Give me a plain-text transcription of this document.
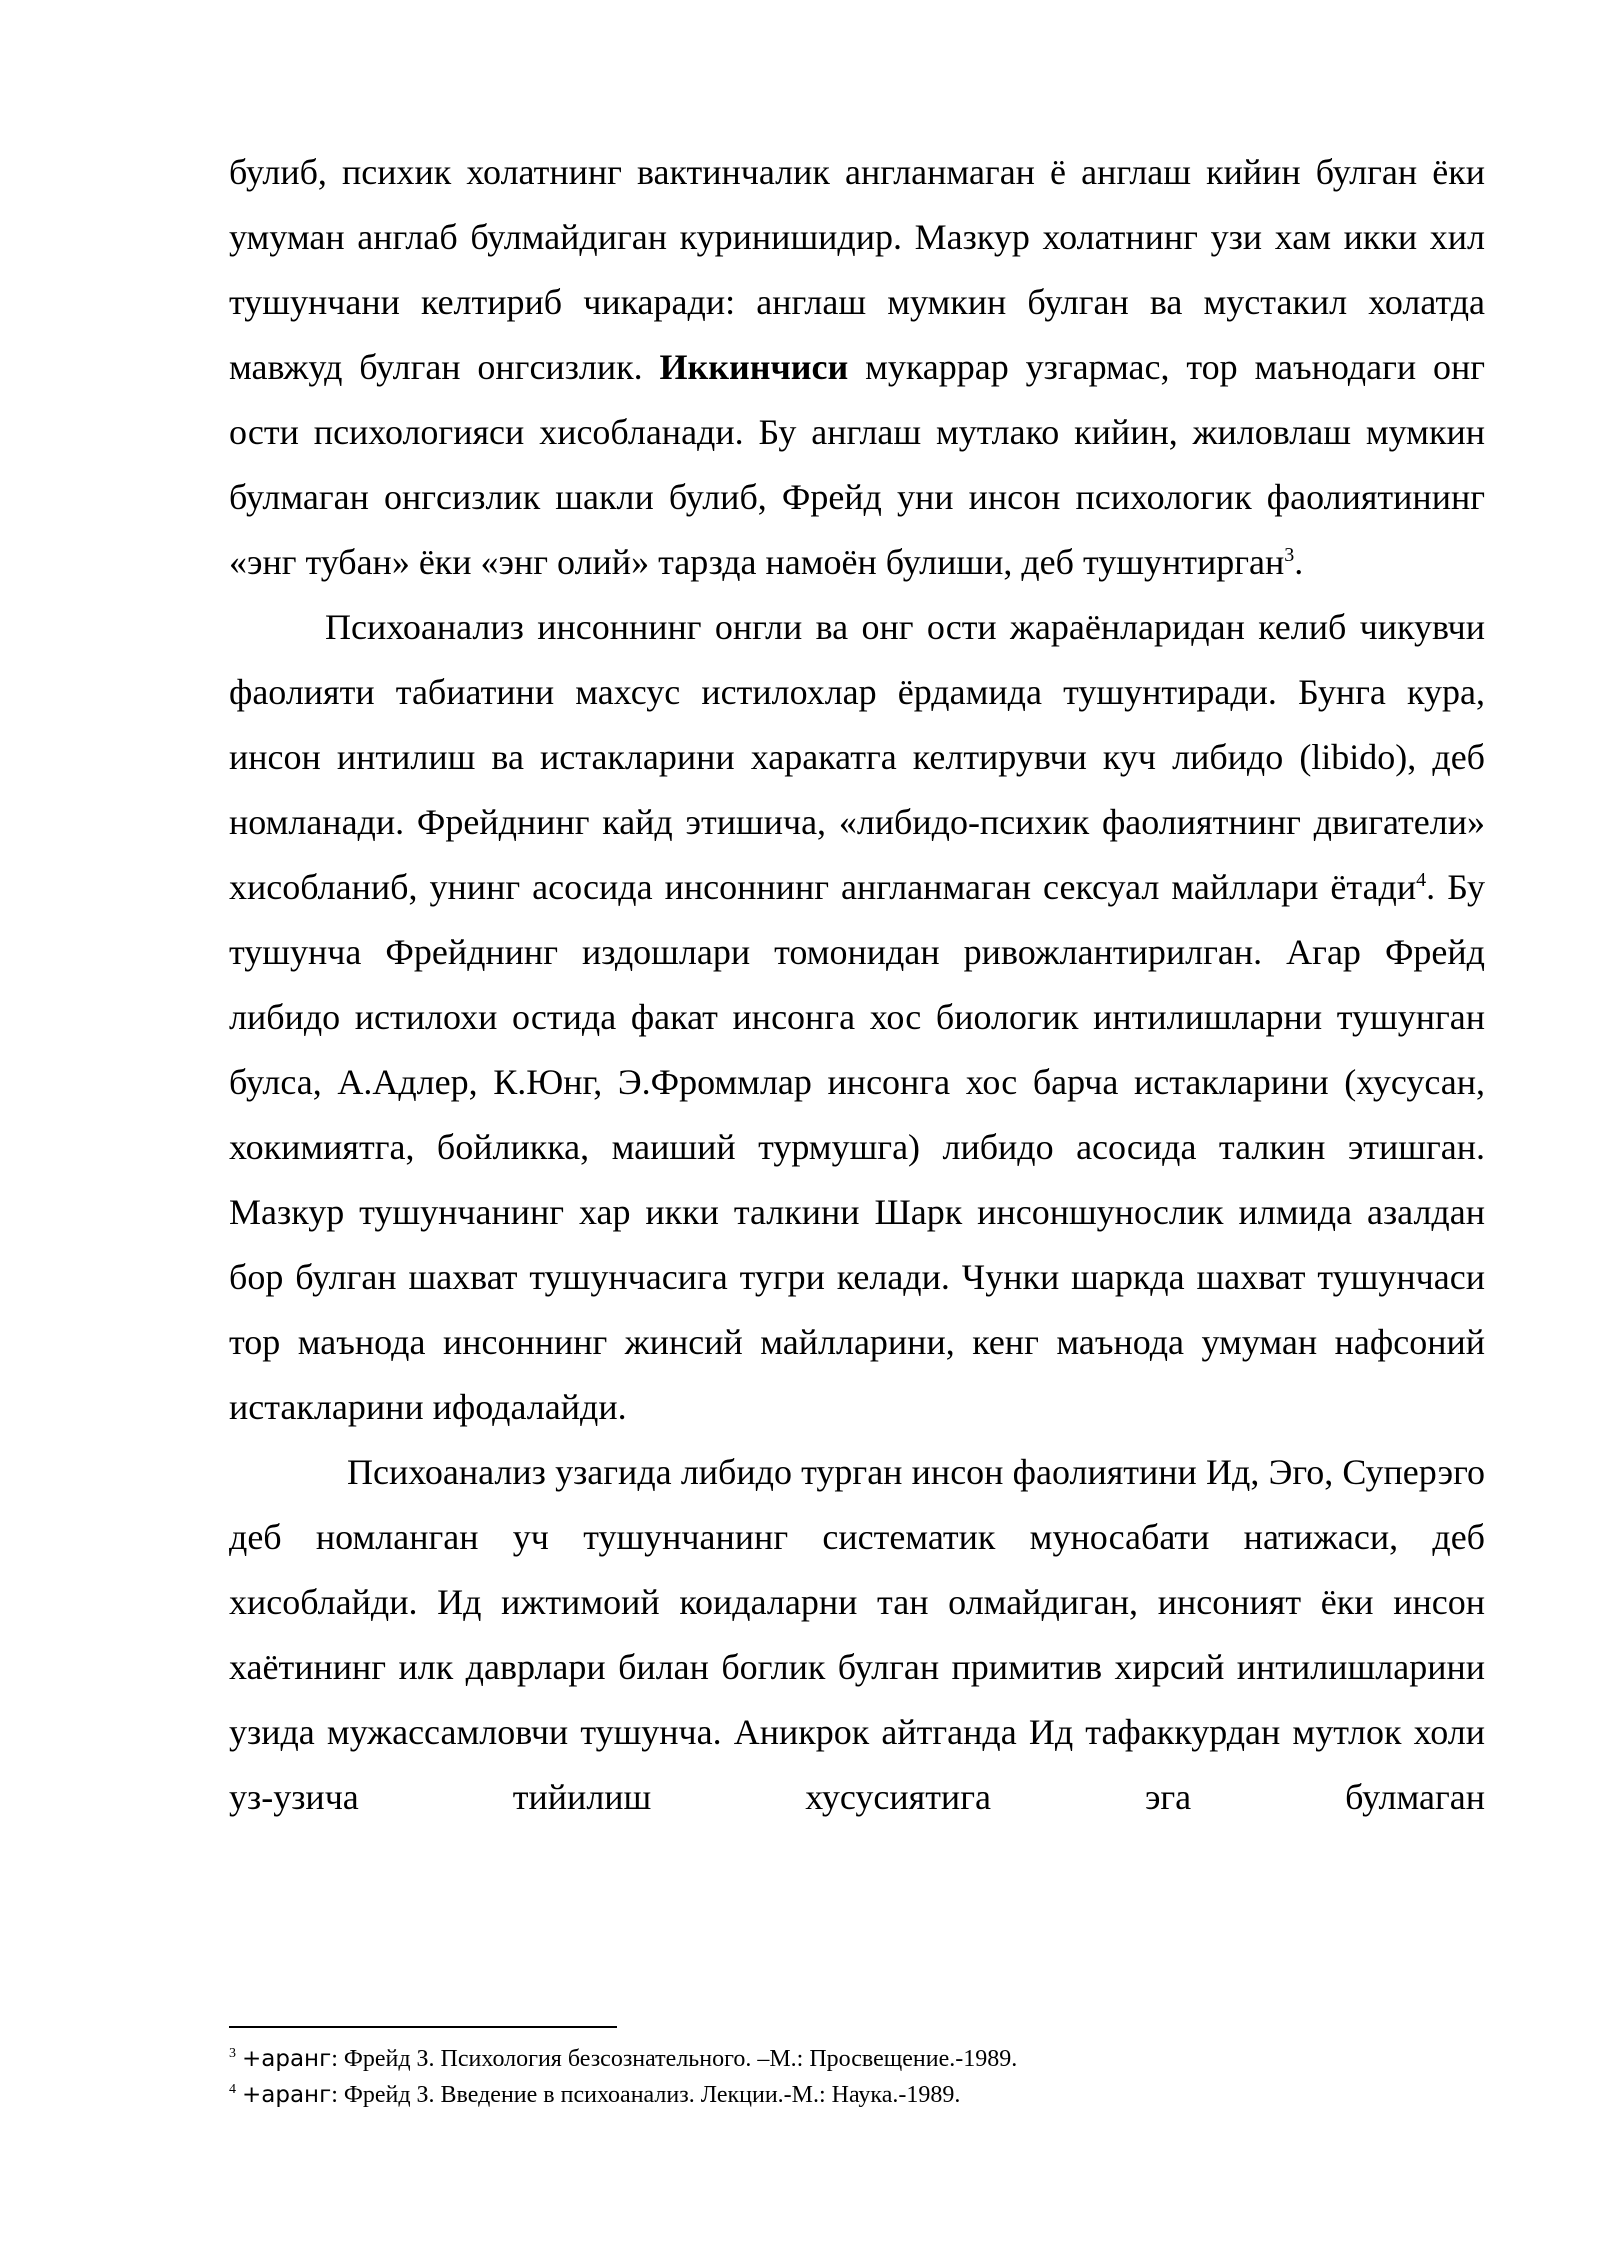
булиб, психик холатнинг вактинчалик англанмаган ё англаш кийин булган ёки умуман англаб булмайдиган куринишидир. Мазкур холатнинг узи хам икки хил тушунчани келтириб чикаради: англаш мумкин булган ва мустакил холатда мавжуд булган онгсизлик. Иккинчиси мукаррар узгармас, тор маънодаги онг ости психологияси хисобланади. Бу англаш мутлако кийин, жиловлаш мумкин булмаган онгсизлик шакли булиб, Фрейд уни инсон психологик фаолиятининг «энг тубан» ёки «энг олий» тарзда намоён булиши, деб тушунтирган$^3$.

Психоанализ инсоннинг онгли ва онг ости жараёнларидан келиб чикувчи фаолияти табиатини махсус истилохлар ёрдамида тушунтиради. Бунга кура, инсон интилиш ва истакларини харакатга келтирувчи куч либидо (libido), деб номланади. Фрейднинг кайд этишича, «либидо-психик фаолиятнинг двигатели» хисобланиб, унинг асосида инсоннинг англанмаган сексуал майллари ётади$^4$. Бу тушунча Фрейднинг издошлари томонидан ривожлантирилган. Агар Фрейд либидо истилохи остида факат инсонга хос биологик интилишларни тушунган булса, А.Адлер, К.Юнг, Э.Фроммлар инсонга хос барча истакларини (хусусан, хокимиятга, бойликка, маиший турмушга) либидо асосида талкин этишган. Мазкур тушунчанинг хар икки талкини Шарк инсоншунослик илмида азалдан бор булган шахват тушунчасига тугри келади. Чунки шаркда шахват тушунчаси тор маънода инсоннинг жинсий майлларини, кенг маънода умуман нафсоний истакларини ифодалайди.

Психоанализ узагида либидо турган инсон фаолиятини Ид, Эго, Суперэго деб номланган уч тушунчанинг систематик муносабати натижаси, деб хисоблайди. Ид ижтимоий коидаларни тан олмайдиган, инсоният ёки инсон хаётининг илк даврлари билан боглик булган примитив хирсий интилишларини узида мужассамловчи тушунча. Аникрок айтганда Ид тафаккурдан мутлок холи уз-узича тийилиш хусусиятига эга булмаган

$^3$ +аранг: Фрейд З. Психология безсознательного. –М.: Просвещение.-1989.

$^4$ +аранг: Фрейд З. Введение в психоанализ. Лекции.-М.: Наука.-1989.
